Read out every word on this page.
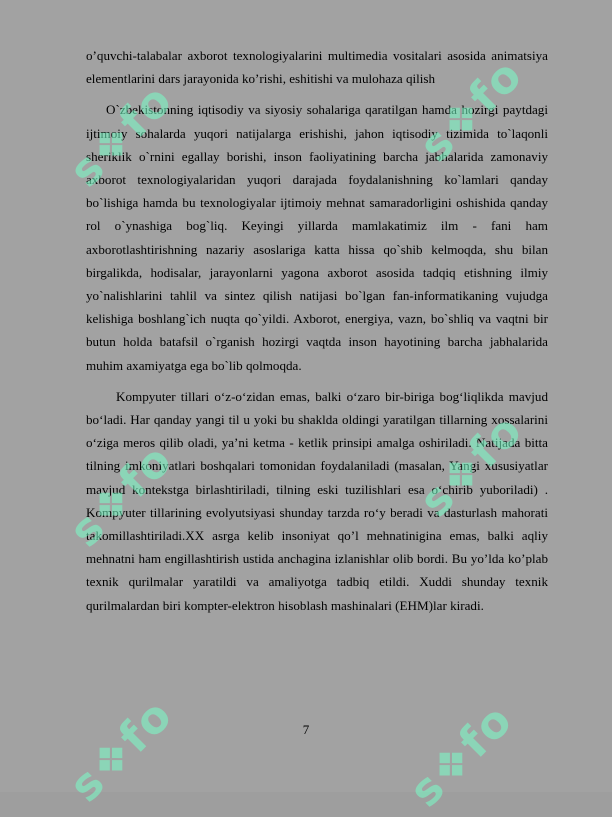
o’quvchi-talabalar axborot texnologiyalarini multimedia vositalari asosida animatsiya elementlarini dars jarayonida ko’rishi, eshitishi va mulohaza qilish

O`zbekistonning iqtisodiy va siyosiy sohalariga qaratilgan hamda hozirgi paytdagi ijtimoiy sohalarda yuqori natijalarga erishishi, jahon iqtisodiy tizimida to`laqonli sheriklik o`rnini egallay borishi, inson faoliyatining barcha jabhalarida zamonaviy axborot texnologiyalaridan yuqori darajada foydalanishning ko`lamlari qanday bo`lishiga hamda bu texnologiyalar ijtimoiy mehnat samaradorligini oshishida qanday rol o`ynashiga bog`liq. Keyingi yillarda mamlakatimiz ilm - fani ham axborotlashtirishning nazariy asoslariga katta hissa qo`shib kelmoqda, shu bilan birgalikda, hodisalar, jarayonlarni yagona axborot asosida tadqiq etishning ilmiy yo`nalishlarini tahlil va sintez qilish natijasi bo`lgan fan-informatikaning vujudga kelishiga boshlang`ich nuqta qo`yildi. Axborot, energiya, vazn, bo`shliq va vaqtni bir butun holda batafsil o`rganish hozirgi vaqtda inson hayotining barcha jabhalarida muhim axamiyatga ega bo`lib qolmoqda.

Kompyuter tillari o‘z-o‘zidan emas, balki o‘zaro bir-biriga bog‘liqlikda mavjud bo‘ladi. Har qanday yangi til u yoki bu shaklda oldingi yaratilgan tillarning xossalarini o‘ziga meros qilib oladi, ya’ni ketma - ketlik prinsipi amalga oshiriladi. Natijada bitta tilning imkoniyatlari boshqalari tomonidan foydalaniladi (masalan, Yangi xususiyatlar mavjud kontekstga birlashtiriladi, tilning eski tuzilishlari esa o‘chirib yuboriladi) . Kompyuter tillarining evolyutsiyasi shunday tarzda ro‘y beradi va dasturlash mahorati takomillashtiriladi.XX asrga kelib insoniyat qo’l mehnatinigina emas, balki aqliy mehnatni ham engillashtirish ustida anchagina izlanishlar olib bordi. Bu yo’lda ko’plab texnik qurilmalar yaratildi va amaliyotga tadbiq etildi. Xuddi shunday texnik qurilmalardan biri kompter-elektron hisoblash mashinalari (EHM)lar kiradi.

7
s❖fo	s❖fo
s❖fo	s❖fo
s❖fo	s❖fo
